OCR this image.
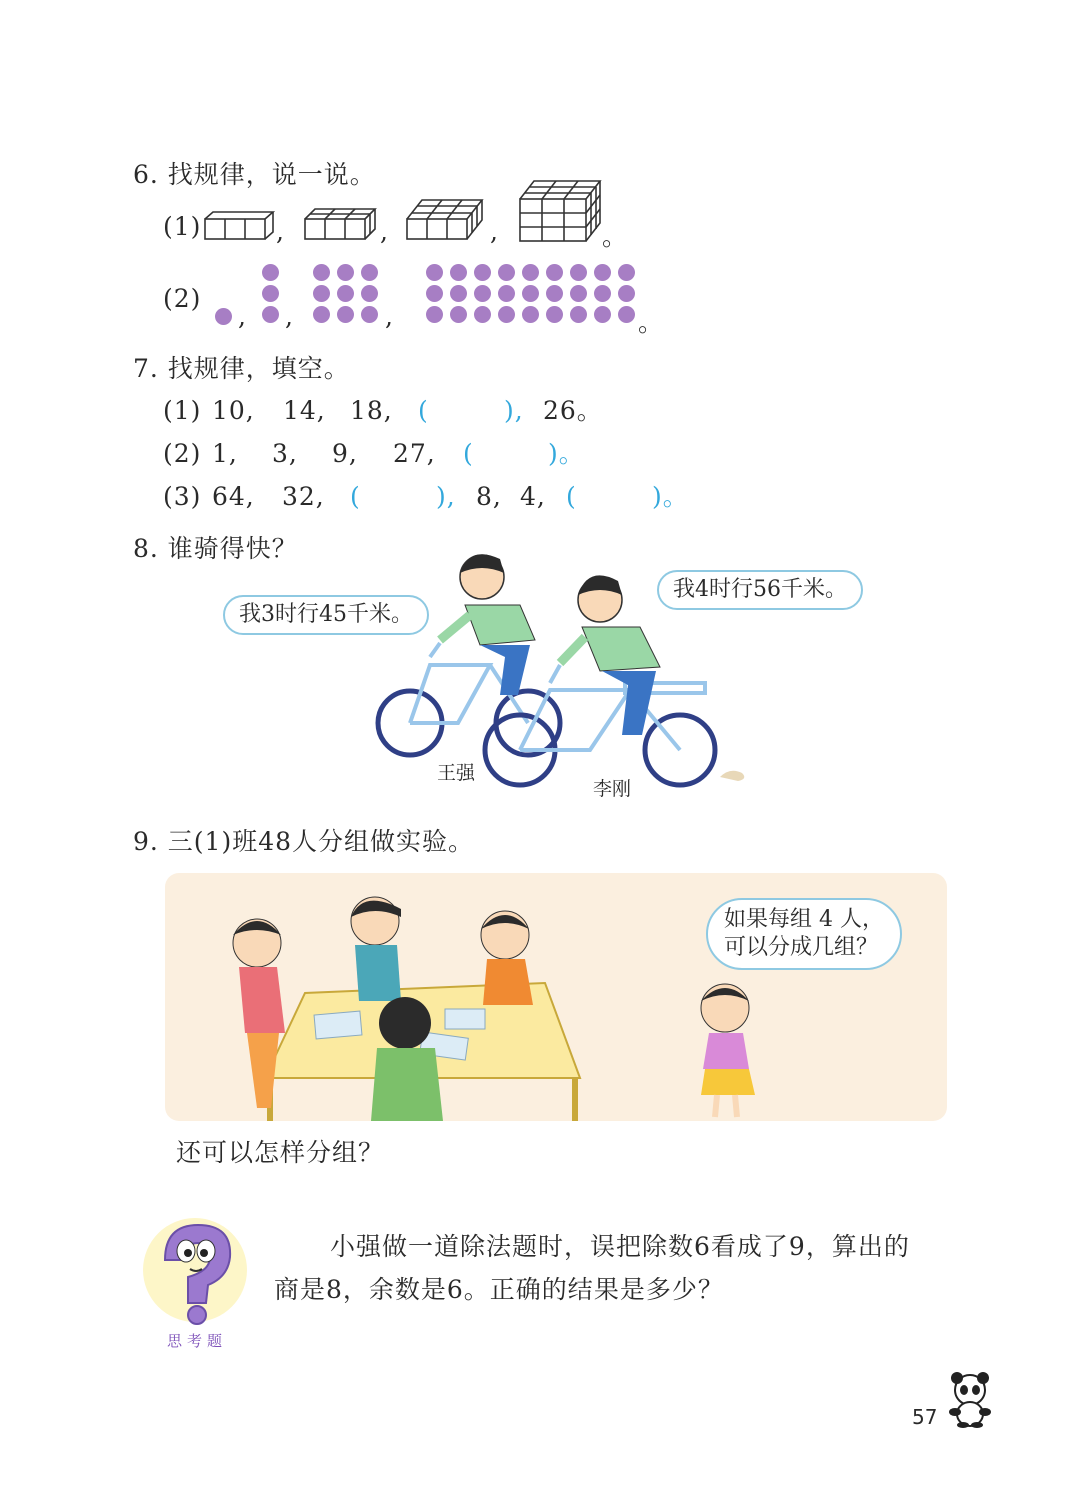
6. 找规律，说一说。
(1)	,	,	,	。
(2)
, ,	,	。
7. 找规律，填空。
(1) 10, 14, 18, (	), 26。
(2) 1, 3, 9, 27, (	)。
(3) 64, 32, (	), 8, 4, (	)。
8. 谁骑得快？
我3时行45千米。
我4时行56千米。
王强
李刚
9. 三(1)班48人分组做实验。
如果每组 4 人，
可以分成几组？
还可以怎样分组？
思考题
小强做一道除法题时，误把除数6看成了9，算出的
商是8，余数是6。正确的结果是多少？
57
